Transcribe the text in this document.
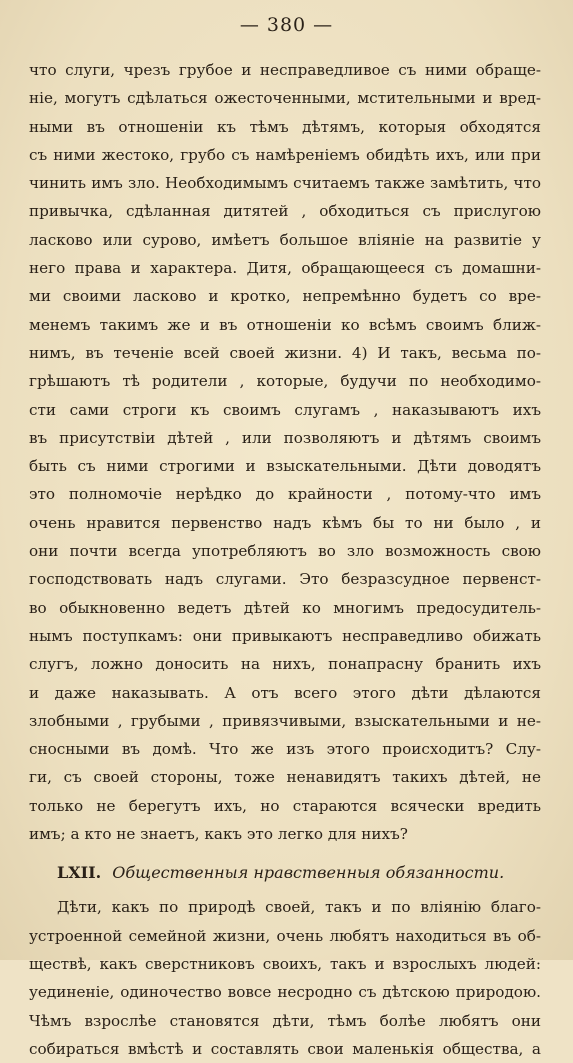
— 380 —
что слуги, чрезъ грубое и несправедливое съ ними обраще-
ніе, могутъ сдѣлаться ожесточенными, мстительными и вред-
ными въ отношеніи къ тѣмъ дѣтямъ, которыя обходятся
съ ними жестоко, грубо съ намѣреніемъ обидѣть ихъ, или при
чинить имъ зло. Необходимымъ считаемъ также замѣтить, что
привычка, сдѣланная дитятей , обходиться съ прислугою
ласково или сурово, имѣетъ большое вліяніе на развитіе у
него права и характера. Дитя, обращающееся съ домашни-
ми своими ласково и кротко, непремѣнно будетъ со вре-
менемъ такимъ же и въ отношеніи ко всѣмъ своимъ ближ-
нимъ, въ теченіе всей своей жизни. 4) И такъ, весьма по-
грѣшаютъ тѣ родители , которые, будучи по необходимо-
сти сами строги къ своимъ слугамъ , наказываютъ ихъ
въ присутствіи дѣтей , или позволяютъ и дѣтямъ своимъ
быть съ ними строгими и взыскательными. Дѣти доводятъ
это полномочіе нерѣдко до крайности , потому-что имъ
очень нравится первенство надъ кѣмъ бы то ни было , и
они почти всегда употребляютъ во зло возможность свою
господствовать надъ слугами. Это безразсудное первенст-
во обыкновенно ведетъ дѣтей ко многимъ предосудитель-
нымъ поступкамъ: они привыкаютъ несправедливо обижать
слугъ, ложно доносить на нихъ, понапрасну бранить ихъ
и даже наказывать. А отъ всего этого дѣти дѣлаются
злобными , грубыми , привязчивыми, взыскательными и не-
сносными въ домѣ. Что же изъ этого происходитъ? Слу-
ги, съ своей стороны, тоже ненавидятъ такихъ дѣтей, не
только не берегутъ ихъ, но стараются всячески вредить
имъ; а кто не знаетъ, какъ это легко для нихъ?
LXII. Общественныя нравственныя обязанности.
Дѣти, какъ по природѣ своей, такъ и по вліянію благо-
устроенной семейной жизни, очень любятъ находиться въ об-
ществѣ, какъ сверстниковъ своихъ, такъ и взрослыхъ людей:
уединеніе, одиночество вовсе несродно съ дѣтскою природою.
Чѣмъ взрослѣе становятся дѣти, тѣмъ болѣе любятъ они
собираться вмѣстѣ и составлять свои маленькія общества, а
